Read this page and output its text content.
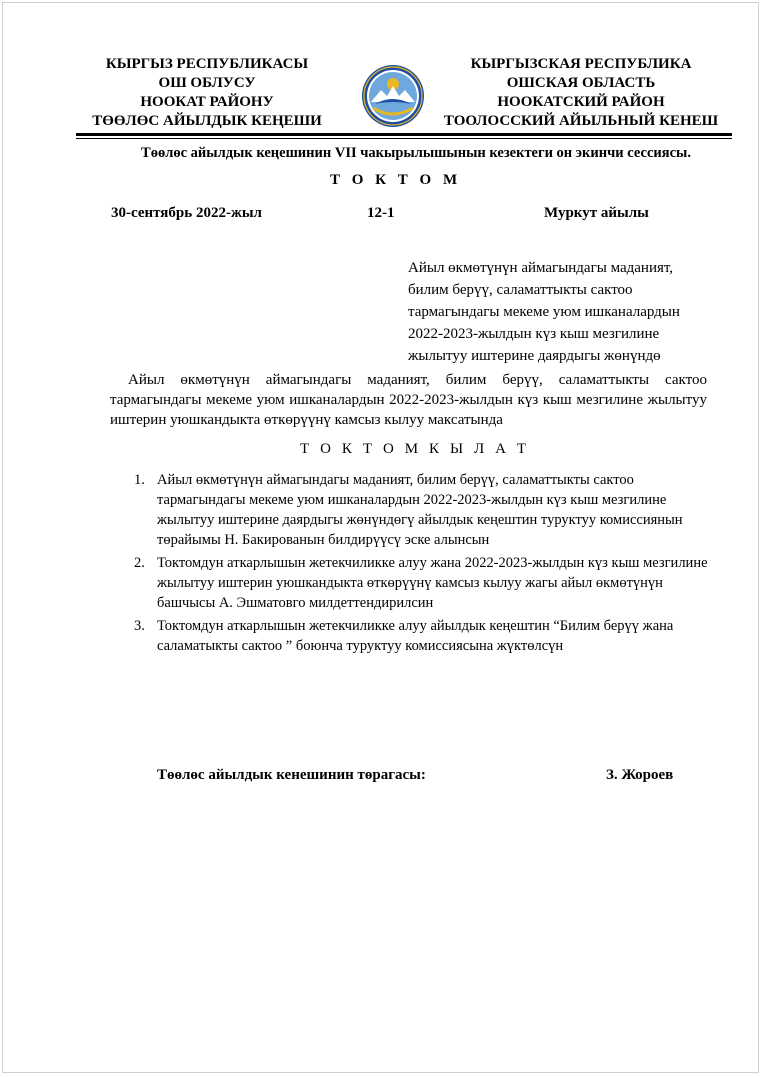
КЫРГЫЗ РЕСПУБЛИКАСЫ
ОШ ОБЛУСУ
НООКАТ РАЙОНУ
ТӨӨЛӨС АЙЫЛДЫК КЕҢЕШИ
КЫРГЫЗСКАЯ РЕСПУБЛИКА
ОШСКАЯ ОБЛАСТЬ
НООКАТСКИЙ РАЙОН
ТООЛОССКИЙ АЙЫЛЬНЫЙ КЕНЕШ
Төөлөс айылдык кеңешинин VII чакырылышынын кезектеги он экинчи сессиясы.
Т О К Т О М
30-сентябрь 2022-жыл	12-1	Муркут айылы
Айыл өкмөтүнүн аймагындагы маданият,
билим берүү, саламаттыкты сактоо
тармагындагы мекеме уюм ишканалардын
2022-2023-жылдын күз кыш мезгилине
жылытуу иштерине даярдыгы жөнүндө
Айыл өкмөтүнүн аймагындагы маданият, билим берүү, саламаттыкты сактоо тармагындагы мекеме уюм ишканалардын 2022-2023-жылдын күз кыш мезгилине жылытуу иштерин уюшкандыкта өткөрүүнү камсыз кылуу максатында
Т О К Т О М К Ы Л А Т
1. Айыл өкмөтүнүн аймагындагы маданият, билим берүү, саламаттыкты сактоо тармагындагы мекеме уюм ишканалардын 2022-2023-жылдын күз кыш мезгилине жылытуу иштерине даярдыгы жөнүндөгү айылдык кеңештин туруктуу комиссиянын төрайымы Н. Бакированын билдирүүсү эске алынсын
2. Токтомдун аткарлышын жетекчиликке алуу жана 2022-2023-жылдын күз кыш мезгилине жылытуу иштерин уюшкандыкта өткөрүүнү камсыз кылуу жагы айыл өкмөтүнүн башчысы А. Эшматовго милдеттендирилсин
3. Токтомдун аткарлышын жетекчиликке алуу айылдык кеңештин “Билим берүү жана саламатыкты сактоо ” боюнча туруктуу комиссиясына жүктөлсүн
Төөлөс айылдык кенешинин төрагасы:	З. Жороев
